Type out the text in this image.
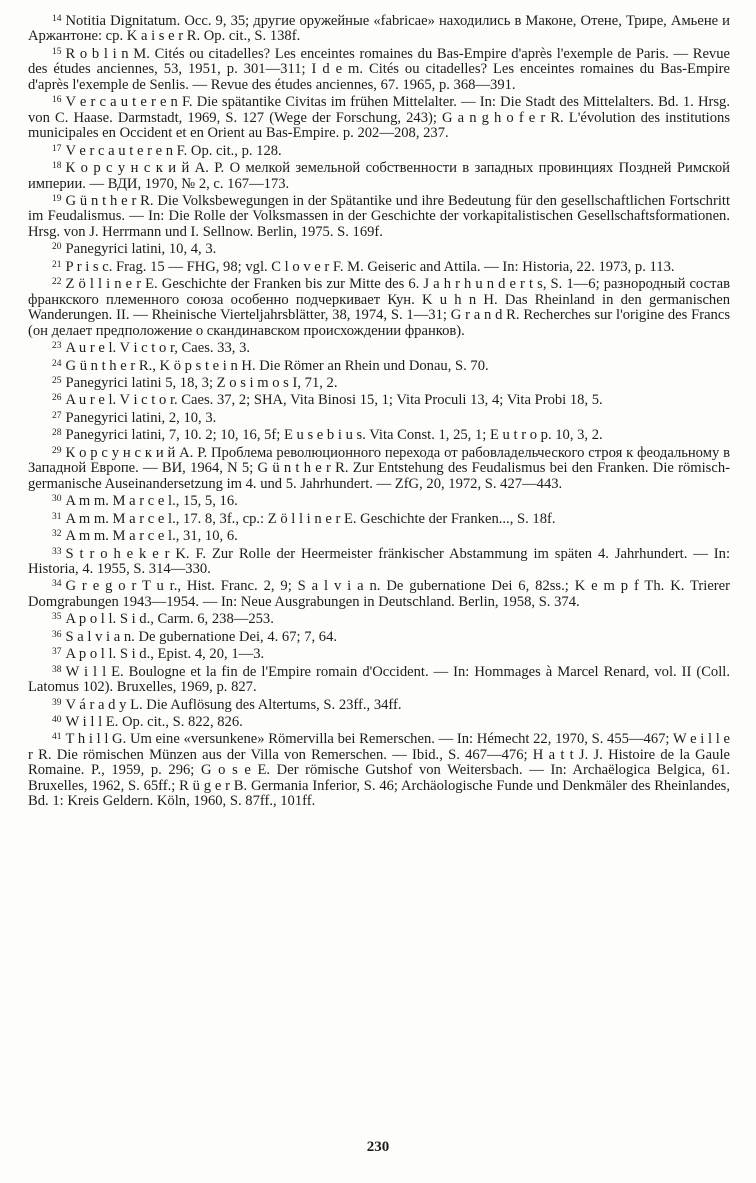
$^{14}$ Notitia Dignitatum. Occ. 9, 35; другие оружейные «fabricae» находились в Маконе, Отене, Трире, Амьене и Аржантоне: ср. K a i s e r R. Op. cit., S. 138f.

$^{15}$ R o b l i n M. Cités ou citadelles? Les enceintes romaines du Bas-Empire d'après l'exemple de Paris. — Revue des études anciennes, 53, 1951, p. 301—311; I d e m. Cités ou citadelles? Les enceintes romaines du Bas-Empire d'après l'exemple de Senlis. — Revue des études anciennes, 67. 1965, p. 368—391.

$^{16}$ V e r c a u t e r e n F. Die spätantike Civitas im frühen Mittelalter. — In: Die Stadt des Mittelalters. Bd. 1. Hrsg. von C. Haase. Darmstadt, 1969, S. 127 (Wege der Forschung, 243); G a n g h o f e r R. L'évolution des institutions municipales en Occident et en Orient au Bas-Empire. p. 202—208, 237.

$^{17}$ V e r c a u t e r e n F. Op. cit., p. 128.

$^{18}$ К о р с у н с к и й А. Р. О мелкой земельной собственности в западных провинциях Поздней Римской империи. — ВДИ, 1970, № 2, с. 167—173.

$^{19}$ G ü n t h e r R. Die Volksbewegungen in der Spätantike und ihre Bedeutung für den gesellschaftlichen Fortschritt im Feudalismus. — In: Die Rolle der Volksmassen in der Geschichte der vorkapitalistischen Gesellschaftsformationen. Hrsg. von J. Herrmann und I. Sellnow. Berlin, 1975. S. 169f.

$^{20}$ Panegyrici latini, 10, 4, 3.

$^{21}$ P r i s c. Frag. 15 — FHG, 98; vgl. C l o v e r F. M. Geiseric and Attila. — In: Historia, 22. 1973, p. 113.

$^{22}$ Z ö l l i n e r E. Geschichte der Franken bis zur Mitte des 6. J a h r h u n d e r t s, S. 1—6; разнородный состав франкского племенного союза особенно подчеркивает Кун. K u h n H. Das Rheinland in den germanischen Wanderungen. II. — Rheinische Vierteljahrsblätter, 38, 1974, S. 1—31; G r a n d R. Recherches sur l'origine des Francs (он делает предположение о скандинавском происхождении франков).

$^{23}$ A u r e l. V i c t o r, Caes. 33, 3.

$^{24}$ G ü n t h e r R., K ö p s t e i n H. Die Römer an Rhein und Donau, S. 70.

$^{25}$ Panegyrici latini 5, 18, 3; Z o s i m o s I, 71, 2.

$^{26}$ A u r e l. V i c t o r. Caes. 37, 2; SHA, Vita Binosi 15, 1; Vita Proculi 13, 4; Vita Probi 18, 5.

$^{27}$ Panegyrici latini, 2, 10, 3.

$^{28}$ Panegyrici latini, 7, 10. 2; 10, 16, 5f; E u s e b i u s. Vita Const. 1, 25, 1; E u t r o p. 10, 3, 2.

$^{29}$ К о р с у н с к и й А. Р. Проблема революционного перехода от рабовладельческого строя к феодальному в Западной Европе. — ВИ, 1964, N 5; G ü n t h e r R. Zur Entstehung des Feudalismus bei den Franken. Die römisch-germanische Auseinandersetzung im 4. und 5. Jahrhundert. — ZfG, 20, 1972, S. 427—443.

$^{30}$ A m m. M a r c e l., 15, 5, 16.

$^{31}$ A m m. M a r c e l., 17. 8, 3f., ср.: Z ö l l i n e r E. Geschichte der Franken..., S. 18f.

$^{32}$ A m m. M a r c e l., 31, 10, 6.

$^{33}$ S t r o h e k e r K. F. Zur Rolle der Heermeister fränkischer Abstammung im späten 4. Jahrhundert. — In: Historia, 4. 1955, S. 314—330.

$^{34}$ G r e g o r T u r., Hist. Franc. 2, 9; S a l v i a n. De gubernatione Dei 6, 82ss.; K e m p f Th. K. Trierer Domgrabungen 1943—1954. — In: Neue Ausgrabungen in Deutschland. Berlin, 1958, S. 374.

$^{35}$ A p o l l. S i d., Carm. 6, 238—253.

$^{36}$ S a l v i a n. De gubernatione Dei, 4. 67; 7, 64.

$^{37}$ A p o l l. S i d., Epist. 4, 20, 1—3.

$^{38}$ W i l l E. Boulogne et la fin de l'Empire romain d'Occident. — In: Hommages à Marcel Renard, vol. II (Coll. Latomus 102). Bruxelles, 1969, p. 827.

$^{39}$ V á r a d y L. Die Auflösung des Altertums, S. 23ff., 34ff.

$^{40}$ W i l l E. Op. cit., S. 822, 826.

$^{41}$ T h i l l G. Um eine «versunkene» Römervilla bei Remerschen. — In: Hémecht 22, 1970, S. 455—467; W e i l l e r R. Die römischen Münzen aus der Villa von Remerschen. — Ibid., S. 467—476; H a t t J. J. Histoire de la Gaule Romaine. P., 1959, p. 296; G o s e E. Der römische Gutshof von Weitersbach. — In: Archaëlogica Belgica, 61. Bruxelles, 1962, S. 65ff.; R ü g e r B. Germania Inferior, S. 46; Archäologische Funde und Denkmäler des Rheinlandes, Bd. 1: Kreis Geldern. Köln, 1960, S. 87ff., 101ff.

230
